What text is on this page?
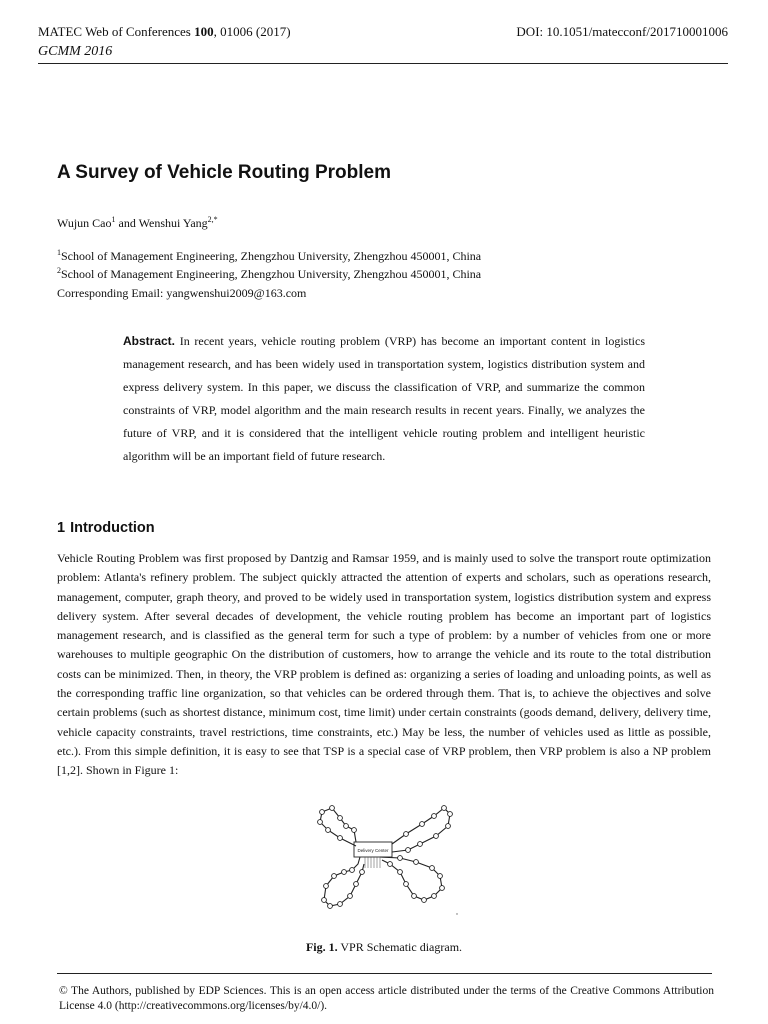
MATEC Web of Conferences 100, 01006 (2017)
GCMM 2016
DOI: 10.1051/matecconf/201710001006
A Survey of Vehicle Routing Problem
Wujun Cao$^1$ and Wenshui Yang$^{2,*}$
$^1$School of Management Engineering, Zhengzhou University, Zhengzhou 450001, China
$^2$School of Management Engineering, Zhengzhou University, Zhengzhou 450001, China
Corresponding Email: yangwenshui2009@163.com
Abstract. In recent years, vehicle routing problem (VRP) has become an important content in logistics management research, and has been widely used in transportation system, logistics distribution system and express delivery system. In this paper, we discuss the classification of VRP, and summarize the common constraints of VRP, model algorithm and the main research results in recent years. Finally, we analyzes the future of VRP, and it is considered that the intelligent vehicle routing problem and intelligent heuristic algorithm will be an important field of future research.
1 Introduction
Vehicle Routing Problem was first proposed by Dantzig and Ramsar 1959, and is mainly used to solve the transport route optimization problem: Atlanta's refinery problem. The subject quickly attracted the attention of experts and scholars, such as operations research, management, computer, graph theory, and proved to be widely used in transportation system, logistics distribution system and express delivery system. After several decades of development, the vehicle routing problem has become an important part of logistics management research, and is classified as the general term for such a type of problem: by a number of vehicles from one or more warehouses to multiple geographic On the distribution of customers, how to arrange the vehicle and its route to the total distribution costs can be minimized. Then, in theory, the VRP problem is defined as: organizing a series of loading and unloading points, as well as the corresponding traffic line organization, so that vehicles can be ordered through them. That is, to achieve the objectives and solve certain problems (such as shortest distance, minimum cost, time limit) under certain constraints (goods demand, delivery, delivery time, vehicle capacity constraints, travel restrictions, time constraints, etc.) May be less, the number of vehicles used as little as possible, etc.). From this simple definition, it is easy to see that TSP is a special case of VRP problem, then VRP problem is also a NP problem [1,2]. Shown in Figure 1:
Delivery Center
Fig. 1. VPR Schematic diagram.
© The Authors, published by EDP Sciences. This is an open access article distributed under the terms of the Creative Commons Attribution License 4.0 (http://creativecommons.org/licenses/by/4.0/).
